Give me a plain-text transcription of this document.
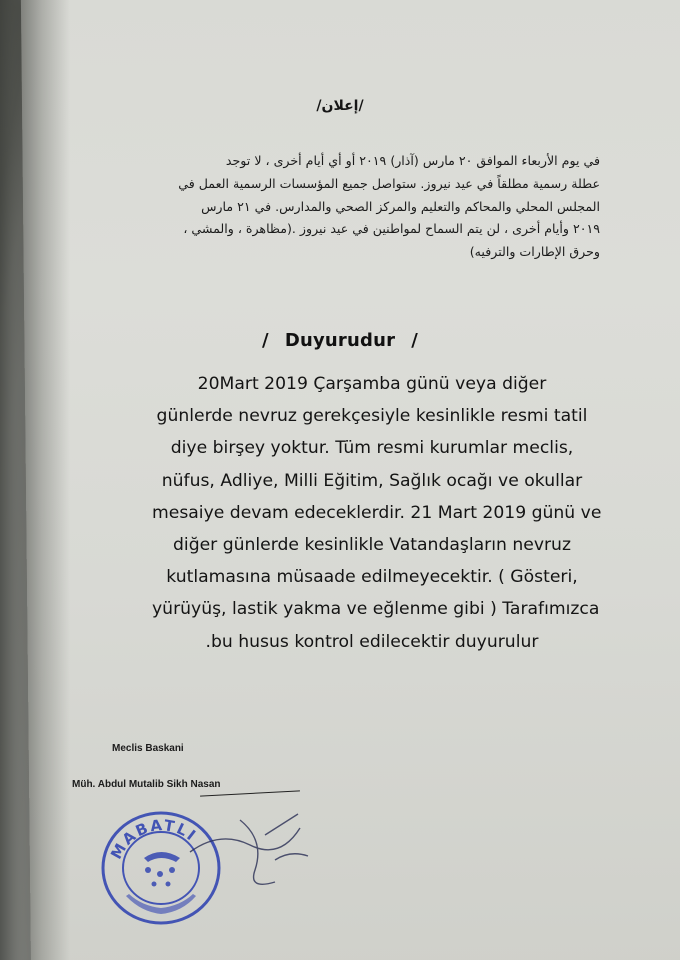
/إعلان/
في يوم الأربعاء الموافق ٢٠ مارس (آذار) ٢٠١٩ أو أي أيام أخرى ، لا توجد
عطلة رسمية مطلقاً في عيد نيروز. ستواصل جميع المؤسسات الرسمية العمل في
المجلس المحلي والمحاكم والتعليم والمركز الصحي والمدارس. في ٢١ مارس
٢٠١٩ وأيام أخرى ، لن يتم السماح لمواطنين في عيد نيروز .(مظاهرة ، والمشي ،
وحرق الإطارات والترفيه)
/ Duyurudur /
20Mart 2019 Çarşamba günü veya diğer
günlerde nevruz gerekçesiyle kesinlikle resmi tatil
diye birşey yoktur. Tüm resmi kurumlar meclis,
nüfus, Adliye, Milli Eğitim, Sağlık ocağı ve okullar
mesaiye devam edeceklerdir. 21 Mart 2019 günü ve
diğer günlerde kesinlikle Vatandaşların nevruz
kutlamasına müsaade edilmeyecektir. ( Gösteri,
yürüyüş, lastik yakma ve eğlenme gibi ) Tarafımızca
.bu husus kontrol edilecektir duyurulur
Meclis Baskani
Müh. Abdul Mutalib Sikh Nasan
MABATLI
